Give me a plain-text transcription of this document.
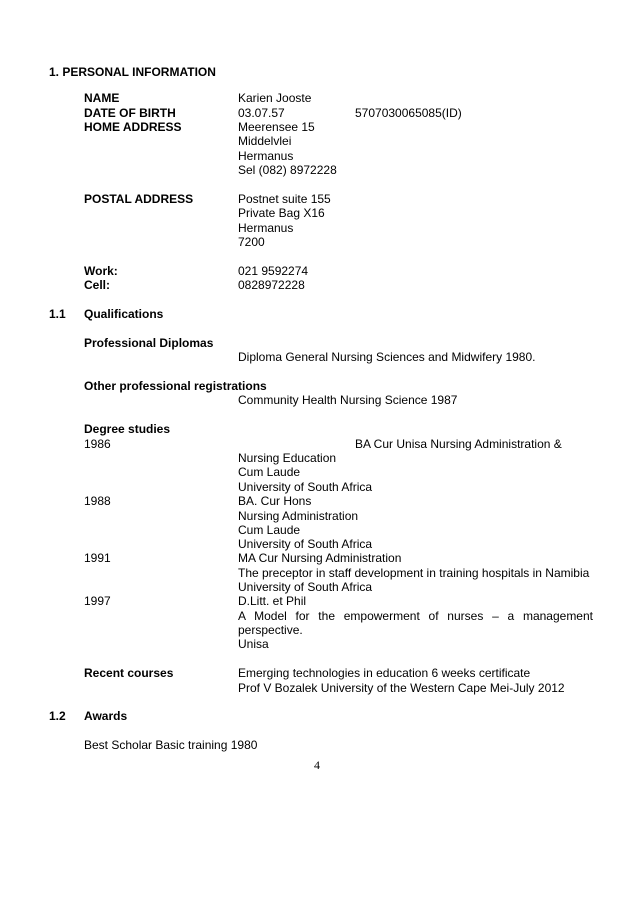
1. PERSONAL INFORMATION
NAME	Karien Jooste
DATE OF BIRTH	03.07.57	5707030065085(ID)
HOME ADDRESS	Meerensee 15
Middelvlei
Hermanus
Sel (082) 8972228
POSTAL ADDRESS	Postnet suite 155
Private Bag X16
Hermanus
7200
Work:	021 9592274
Cell:	0828972228
1.1 Qualifications
Professional Diplomas
Diploma General Nursing Sciences and Midwifery 1980.
Other professional registrations
Community Health Nursing Science 1987
Degree studies
1986	BA Cur Unisa Nursing Administration &
Nursing Education
Cum Laude
University of South Africa
1988	BA. Cur Hons
Nursing Administration
Cum Laude
University of South Africa
1991	MA Cur Nursing Administration
The preceptor in staff development in training hospitals in Namibia
University of South Africa
1997	D.Litt. et Phil
A Model for the empowerment of nurses – a management
perspective.
Unisa
Recent courses	Emerging technologies in education 6 weeks certificate
Prof V Bozalek University of the Western Cape Mei-July 2012
1.2 Awards
Best Scholar Basic training 1980
4
